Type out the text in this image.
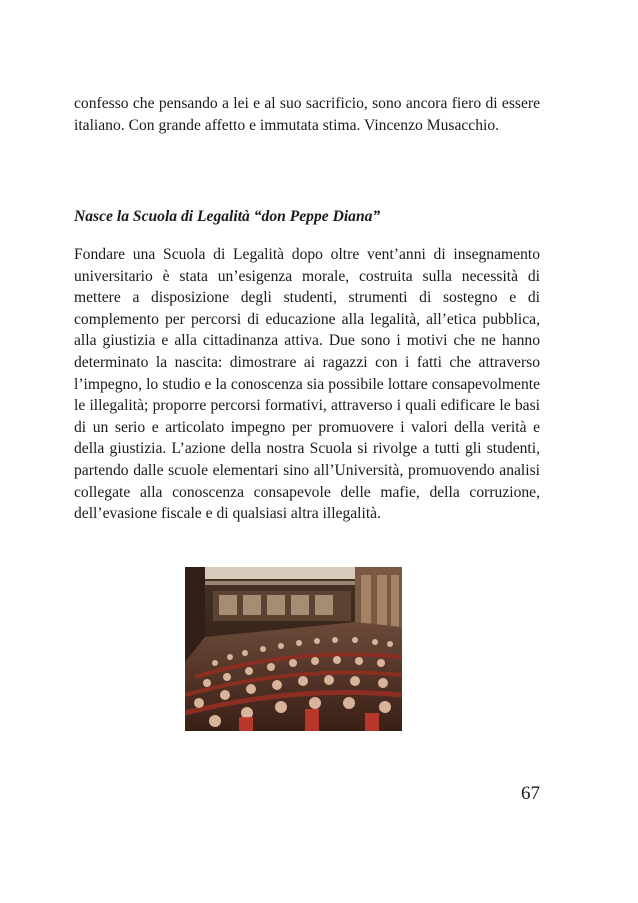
confesso che pensando a lei e al suo sacrificio, sono ancora fiero di essere italiano. Con grande affetto e immutata stima. Vincenzo Musacchio.

Nasce la Scuola di Legalità “don Peppe Diana”

Fondare una Scuola di Legalità dopo oltre vent’anni di insegnamento universitario è stata un’esigenza morale, costruita sulla necessità di mettere a disposizione degli studenti, strumenti di sostegno e di complemento per percorsi di educazione alla legalità, all’etica pubblica, alla giustizia e alla cittadinanza attiva. Due sono i motivi che ne hanno determinato la nascita: dimostrare ai ragazzi con i fatti che attraverso l’impegno, lo studio e la conoscenza sia possibile lottare consapevolmente le illegalità; proporre percorsi formativi, attraverso i quali edificare le basi di un serio e articolato impegno per promuovere i valori della verità e della giustizia. L’azione della nostra Scuola si rivolge a tutti gli studenti, partendo dalle scuole elementari sino all’Università, promuovendo analisi collegate alla conoscenza consapevole delle mafie, della corruzione, dell’evasione fiscale e di qualsiasi altra illegalità.

67
